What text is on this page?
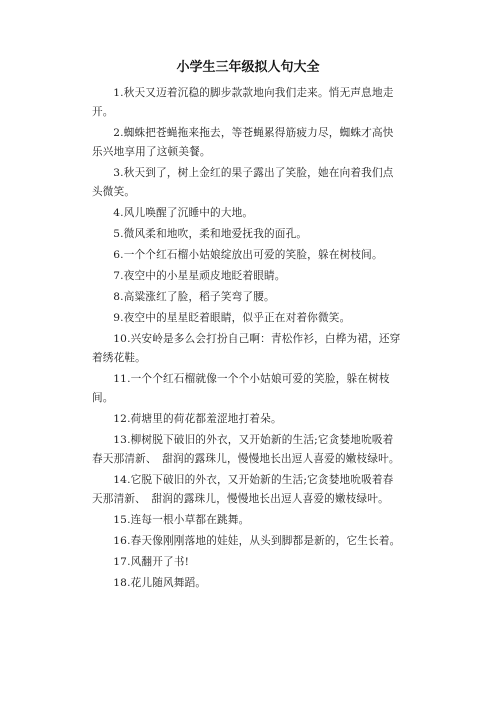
小学生三年级拟人句大全
1.秋天又迈着沉稳的脚步款款地向我们走来。悄无声息地走开。
2.蜘蛛把苍蝇拖来拖去，等苍蝇累得筋疲力尽，蜘蛛才高快乐兴地享用了这顿美餐。
3.秋天到了，树上金红的果子露出了笑脸，她在向着我们点头微笑。
4.风儿唤醒了沉睡中的大地。
5.微风柔和地吹，柔和地爱抚我的面孔。
6.一个个红石榴小姑娘绽放出可爱的笑脸，躲在树枝间。
7.夜空中的小星星顽皮地眨着眼睛。
8.高粱涨红了脸，稻子笑弯了腰。
9.夜空中的星星眨着眼睛，似乎正在对着你微笑。
10.兴安岭是多么会打扮自己啊：青松作衫，白桦为裙，还穿着绣花鞋。
11.一个个红石榴就像一个个小姑娘可爱的笑脸，躲在树枝间。
12.荷塘里的荷花都羞涩地打着朵。
13.柳树脱下破旧的外衣，又开始新的生活;它贪婪地吮吸着春天那清新、　甜润的露珠儿，慢慢地长出逗人喜爱的嫩枝绿叶。
14.它脱下破旧的外衣，又开始新的生活;它贪婪地吮吸着春天那清新、　甜润的露珠儿，慢慢地长出逗人喜爱的嫩枝绿叶。
15.连每一根小草都在跳舞。
16.春天像刚刚落地的娃娃，从头到脚都是新的，它生长着。
17.风翻开了书!
18.花儿随风舞蹈。
